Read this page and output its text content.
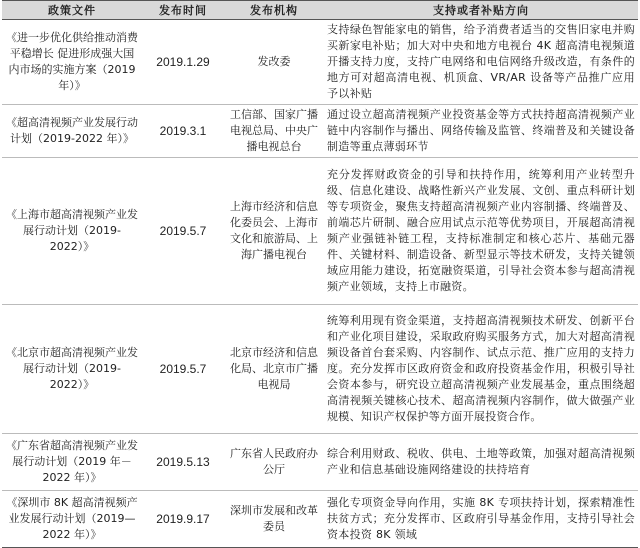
政策文件	发布时间	发布机构	支持或者补贴方向
《进一步优化供给推动消费平稳增长 促进形成强大国内市场的实施方案（2019 年）》	2019.1.29	发改委	支持绿色智能家电的销售，给予消费者适当的交售旧家电并购买新家电补贴；加大对中央和地方电视台 4K 超高清电视频道开播支持力度，支持广电网络和电信网络升级改造，有条件的地方可对超高清电视、机顶盒、VR/AR 设备等产品推广应用予以补贴
《超高清视频产业发展行动计划（2019-2022 年）》	2019.3.1	工信部、国家广播电视总局、中央广播电视总台	通过设立超高清视频产业投资基金等方式扶持超高清视频产业链中内容制作与播出、网络传输及监管、终端普及和关键设备制造等重点薄弱环节
《上海市超高清视频产业发展行动计划（2019-2022）》	2019.5.7	上海市经济和信息化委员会、上海市文化和旅游局、上海广播电视台	充分发挥财政资金的引导和扶持作用，统筹利用产业转型升级、信息化建设、战略性新兴产业发展、文创、重点科研计划等专项资金，聚焦支持超高清视频产业内容制播、终端普及、前端芯片研制、融合应用试点示范等优势项目，开展超高清视频产业强链补链工程，支持标准制定和核心芯片、基础元器件、关键材料、制造设备、新型显示等技术研发，支持关键领域应用能力建设，拓宽融资渠道，引导社会资本参与超高清视频产业领域，支持上市融资。
《北京市超高清视频产业发展行动计划（2019-2022）》	2019.5.7	北京市经济和信息化局、北京市广播电视局	统筹利用现有资金渠道，支持超高清视频技术研发、创新平台和产业化项目建设，采取政府购买服务方式，加大对超高清视频设备首台套采购、内容制作、试点示范、推广应用的支持力度。充分发挥市区政府资金和政府投资基金作用，积极引导社会资本参与，研究设立超高清视频产业发展基金，重点围绕超高清视频关键核心技术、超高清视频内容制作，做大做强产业规模、知识产权保护等方面开展投资合作。
《广东省超高清视频产业发展行动计划（2019 年－2022 年）》	2019.5.13	广东省人民政府办公厅	综合利用财政、税收、供电、土地等政策，加强对超高清视频产业和信息基础设施网络建设的扶持培育
《深圳市 8K 超高清视频产业发展行动计划（2019—2022 年）》	2019.9.17	深圳市发展和改革委员	强化专项资金导向作用，实施 8K 专项扶持计划，探索精准性扶贫方式；充分发挥市、区政府引导基金作用，支持引导社会资本投资 8K 领域
